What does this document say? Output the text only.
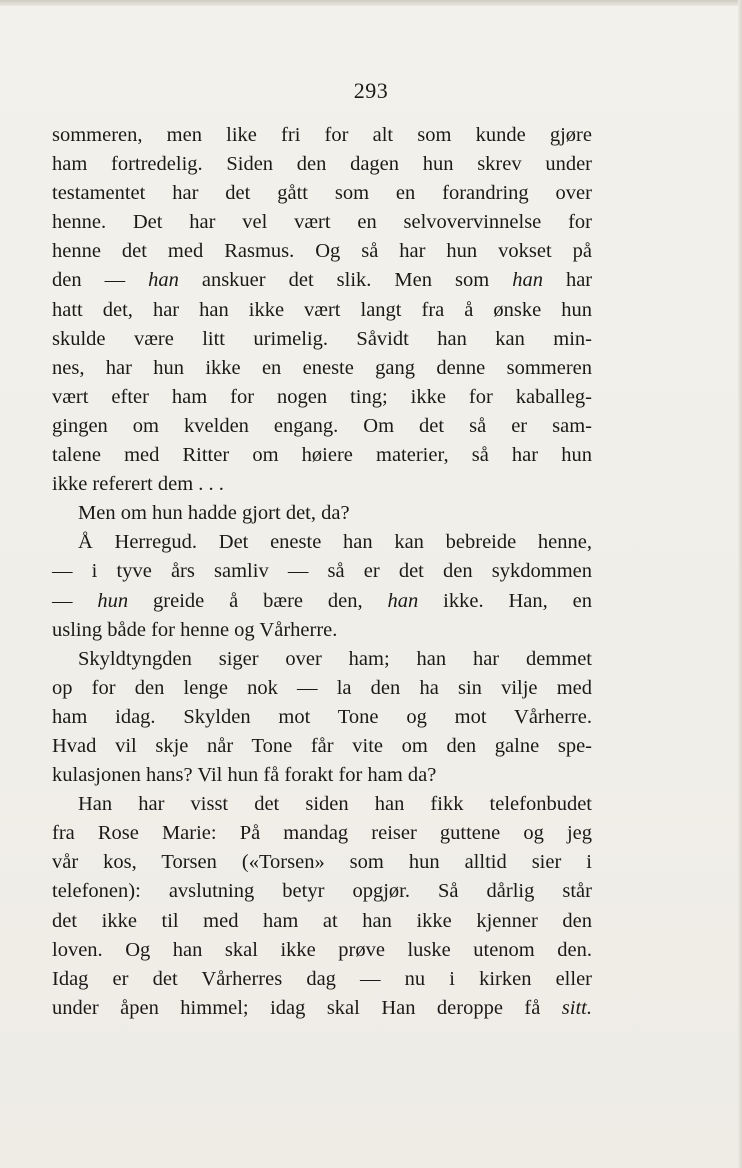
293
sommeren, men like fri for alt som kunde gjøre
ham fortredelig. Siden den dagen hun skrev under
testamentet har det gått som en forandring over
henne. Det har vel vært en selvovervinnelse for
henne det med Rasmus. Og så har hun vokset på
den — han anskuer det slik. Men som han har
hatt det, har han ikke vært langt fra å ønske hun
skulde være litt urimelig. Såvidt han kan min-
nes, har hun ikke en eneste gang denne sommeren
vært efter ham for nogen ting; ikke for kaballeg-
gingen om kvelden engang. Om det så er sam-
talene med Ritter om høiere materier, så har hun
ikke referert dem . . .
Men om hun hadde gjort det, da?
Å Herregud. Det eneste han kan bebreide henne,
— i tyve års samliv — så er det den sykdommen
— hun greide å bære den, han ikke. Han, en
usling både for henne og Vårherre.
Skyldtyngden siger over ham; han har demmet
op for den lenge nok — la den ha sin vilje med
ham idag. Skylden mot Tone og mot Vårherre.
Hvad vil skje når Tone får vite om den galne spe-
kulasjonen hans? Vil hun få forakt for ham da?
Han har visst det siden han fikk telefonbudet
fra Rose Marie: På mandag reiser guttene og jeg
vår kos, Torsen («Torsen» som hun alltid sier i
telefonen): avslutning betyr opgjør. Så dårlig står
det ikke til med ham at han ikke kjenner den
loven. Og han skal ikke prøve luske utenom den.
Idag er det Vårherres dag — nu i kirken eller
under åpen himmel; idag skal Han deroppe få sitt.
